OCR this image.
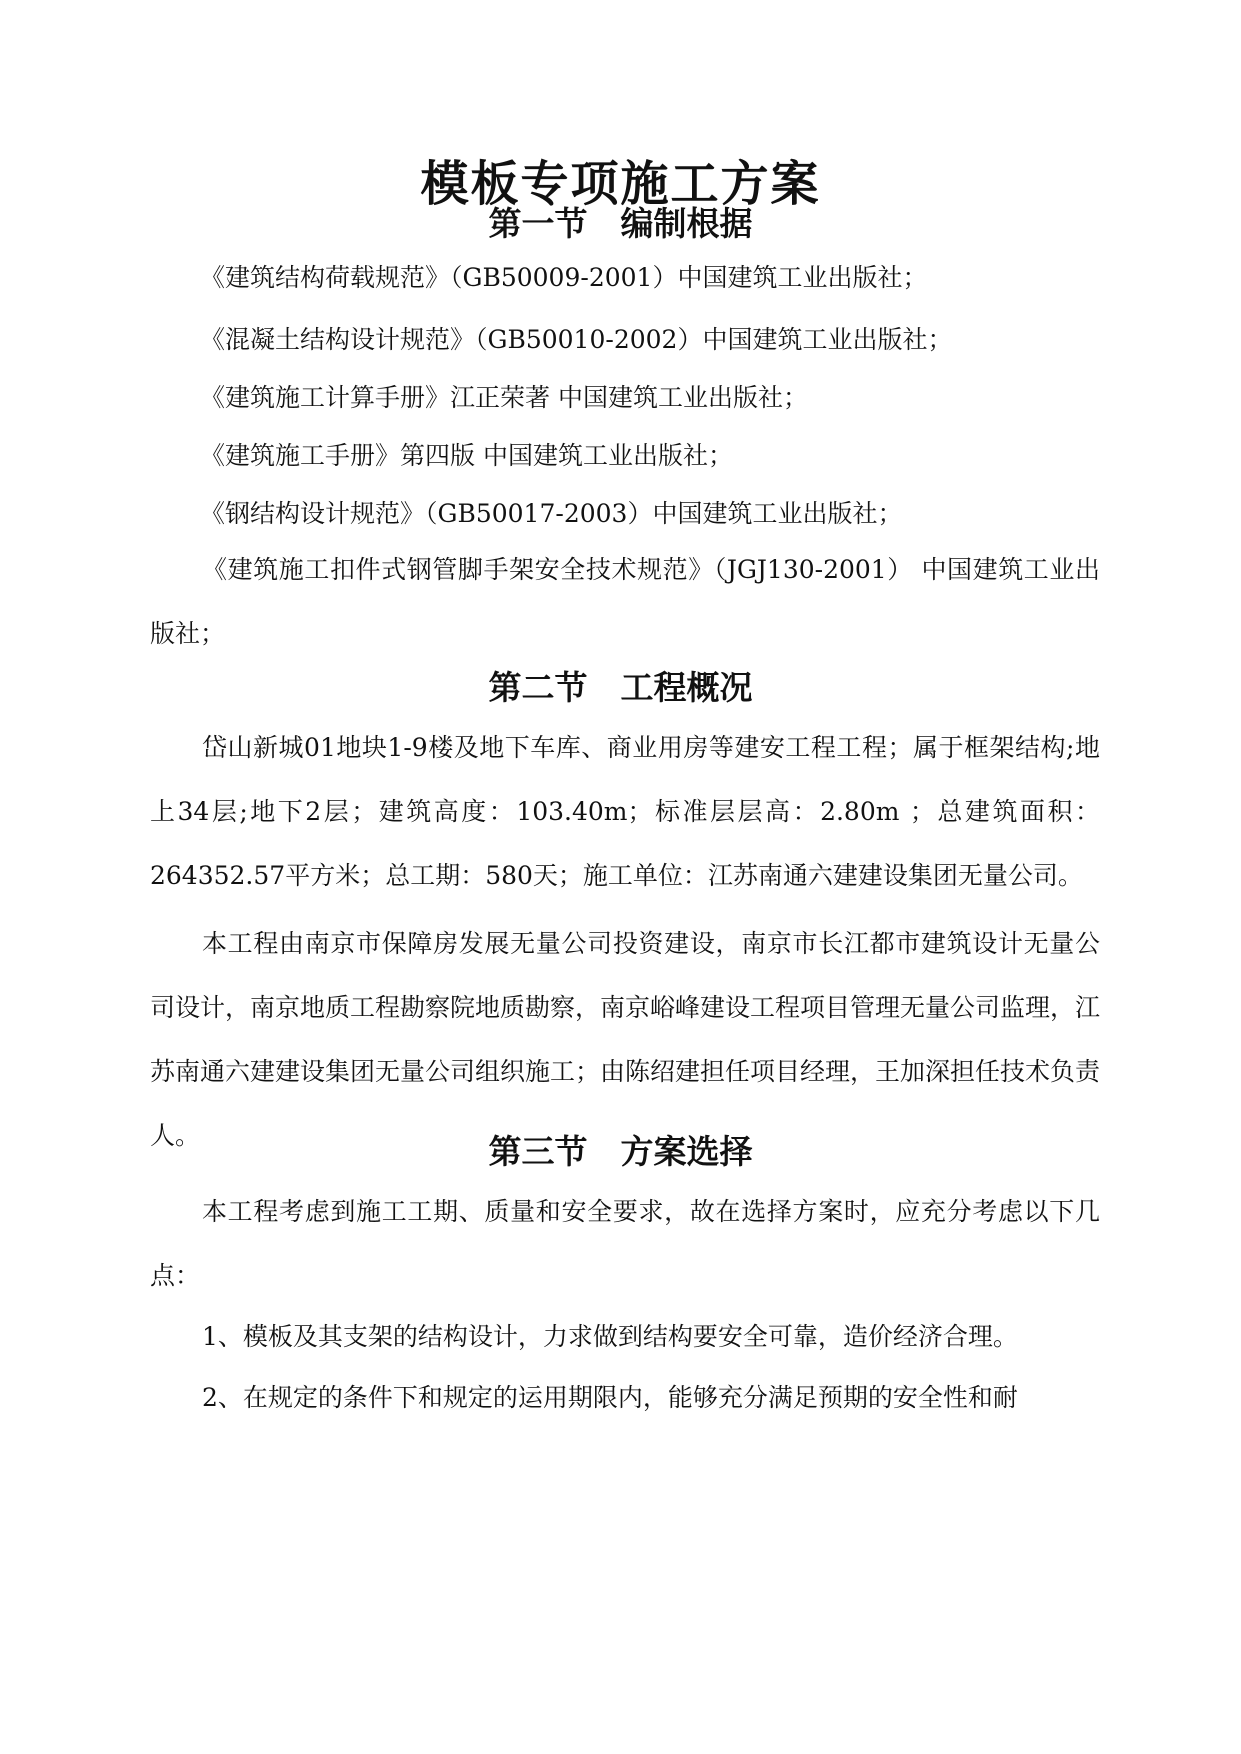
模板专项施工方案
第一节　编制根据

《建筑结构荷载规范》（GB50009-2001）中国建筑工业出版社；

《混凝土结构设计规范》（GB50010-2002）中国建筑工业出版社；

《建筑施工计算手册》江正荣著 中国建筑工业出版社；

《建筑施工手册》第四版 中国建筑工业出版社；

《钢结构设计规范》（GB50017-2003）中国建筑工业出版社；

《建筑施工扣件式钢管脚手架安全技术规范》（JGJ130-2001） 中国建筑工业出版社；

第二节　工程概况

岱山新城01地块1-9楼及地下车库、商业用房等建安工程工程；属于框架结构;地上34层;地下2层；建筑高度：103.40m；标准层层高：2.80m ；总建筑面积：264352.57平方米；总工期：580天；施工单位：江苏南通六建建设集团无量公司。

本工程由南京市保障房发展无量公司投资建设，南京市长江都市建筑设计无量公司设计，南京地质工程勘察院地质勘察，南京峪峰建设工程项目管理无量公司监理，江苏南通六建建设集团无量公司组织施工；由陈绍建担任项目经理，王加深担任技术负责人。	第三节　方案选择

本工程考虑到施工工期、质量和安全要求，故在选择方案时，应充分考虑以下几点：

1、模板及其支架的结构设计，力求做到结构要安全可靠，造价经济合理。

2、在规定的条件下和规定的运用期限内，能够充分满足预期的安全性和耐
